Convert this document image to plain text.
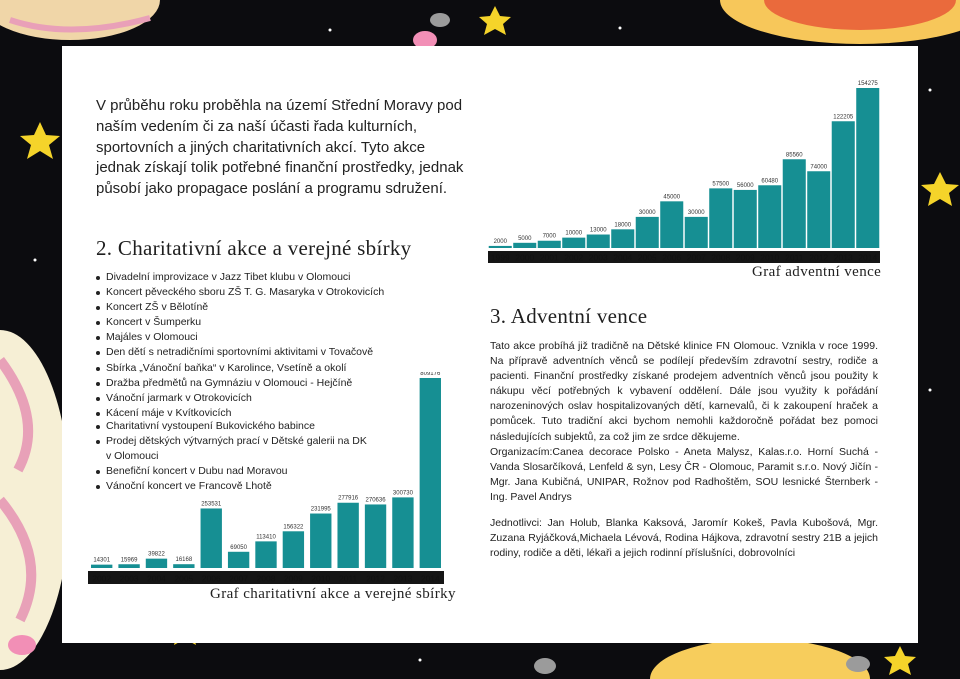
V průběhu roku proběhla na území Střední Moravy pod naším vedením či za naší účasti řada kulturních, sportovních a jiných charitativních akcí. Tyto akce jednak získají tolik potřebné finanční prostředky, jednak působí jako propagace poslání a programu sdružení.
2. Charitativní akce a verejné sbírky
Divadelní improvizace v Jazz Tibet klubu v Olomouci
Koncert pěveckého sboru ZŠ T. G. Masaryka v Otrokovicích
Koncert ZŠ v Bělotíně
Koncert v Šumperku
Majáles v Olomouci
Den dětí s netradičními sportovními aktivitami v Tovačově
Sbírka „Vánoční baňka“ v Karolince, Vsetíně a okolí
Dražba předmětů na Gymnáziu v Olomouci - Hejčíně
Vánoční jarmark v Otrokovicích
Kácení máje v Kvítkovicích
Charitativní vystoupení Bukovického babince
Prodej dětských výtvarných prací v Dětské galerii na DK
v Olomouci
Benefiční koncert v Dubu nad Moravou
Vánoční koncert ve Francově Lhotě
2000
1999
5000
2000
7000
2001
10000
2002
13000
2003
18000
2004
30000
2005
45000
2006
30000
2007
57500
2008
56000
2009
60480
2010
85560
2011
74000
2012
122205
2013
154275
2014
Graf adventní vence
14301
2002
15969
2003
39822
2004
16168
2005
253531
2006
69050
2007
113410
2008
156322
2009
231995
2010
277916
2011
270636
2012
300730
2013
809176
2014
Graf charitativní akce a verejné sbírky
3. Adventní vence

Tato akce probíhá již tradičně na Dětské klinice FN Olomouc. Vznikla v roce 1999. Na přípravě adventních věnců se podílejí především zdravotní sestry, rodiče a pacienti. Finanční prostředky získané prodejem adventních věnců jsou použity k nákupu věcí potřebných k vybavení oddělení. Dále jsou využity k pořádání narozeninových oslav hospitalizovaných dětí, karnevalů, či k zakoupení hraček a pomůcek. Tuto tradiční akci bychom nemohli každoročně pořádat bez pomoci následujících subjektů, za což jim ze srdce děkujeme.

Organizacím:Canea decorace Polsko - Aneta Malysz, Kalas.r.o. Horní Suchá - Vanda Slosarčíková, Lenfeld & syn, Lesy ČR - Olomouc, Paramit s.r.o. Nový Jičín - Mgr. Jana Kubičná, UNIPAR, Rožnov pod Radhoštěm, SOU lesnické Šternberk - Ing. Pavel Andrys

Jednotlivci: Jan Holub, Blanka Kaksová, Jaromír Kokeš, Pavla Kubošová, Mgr. Zuzana Ryjáčková,Michaela Lévová, Rodina Hájkova, zdravotní sestry 21B a jejich rodiny, rodiče a děti, lékaři a jejich rodinní příslušníci, dobrovolníci
